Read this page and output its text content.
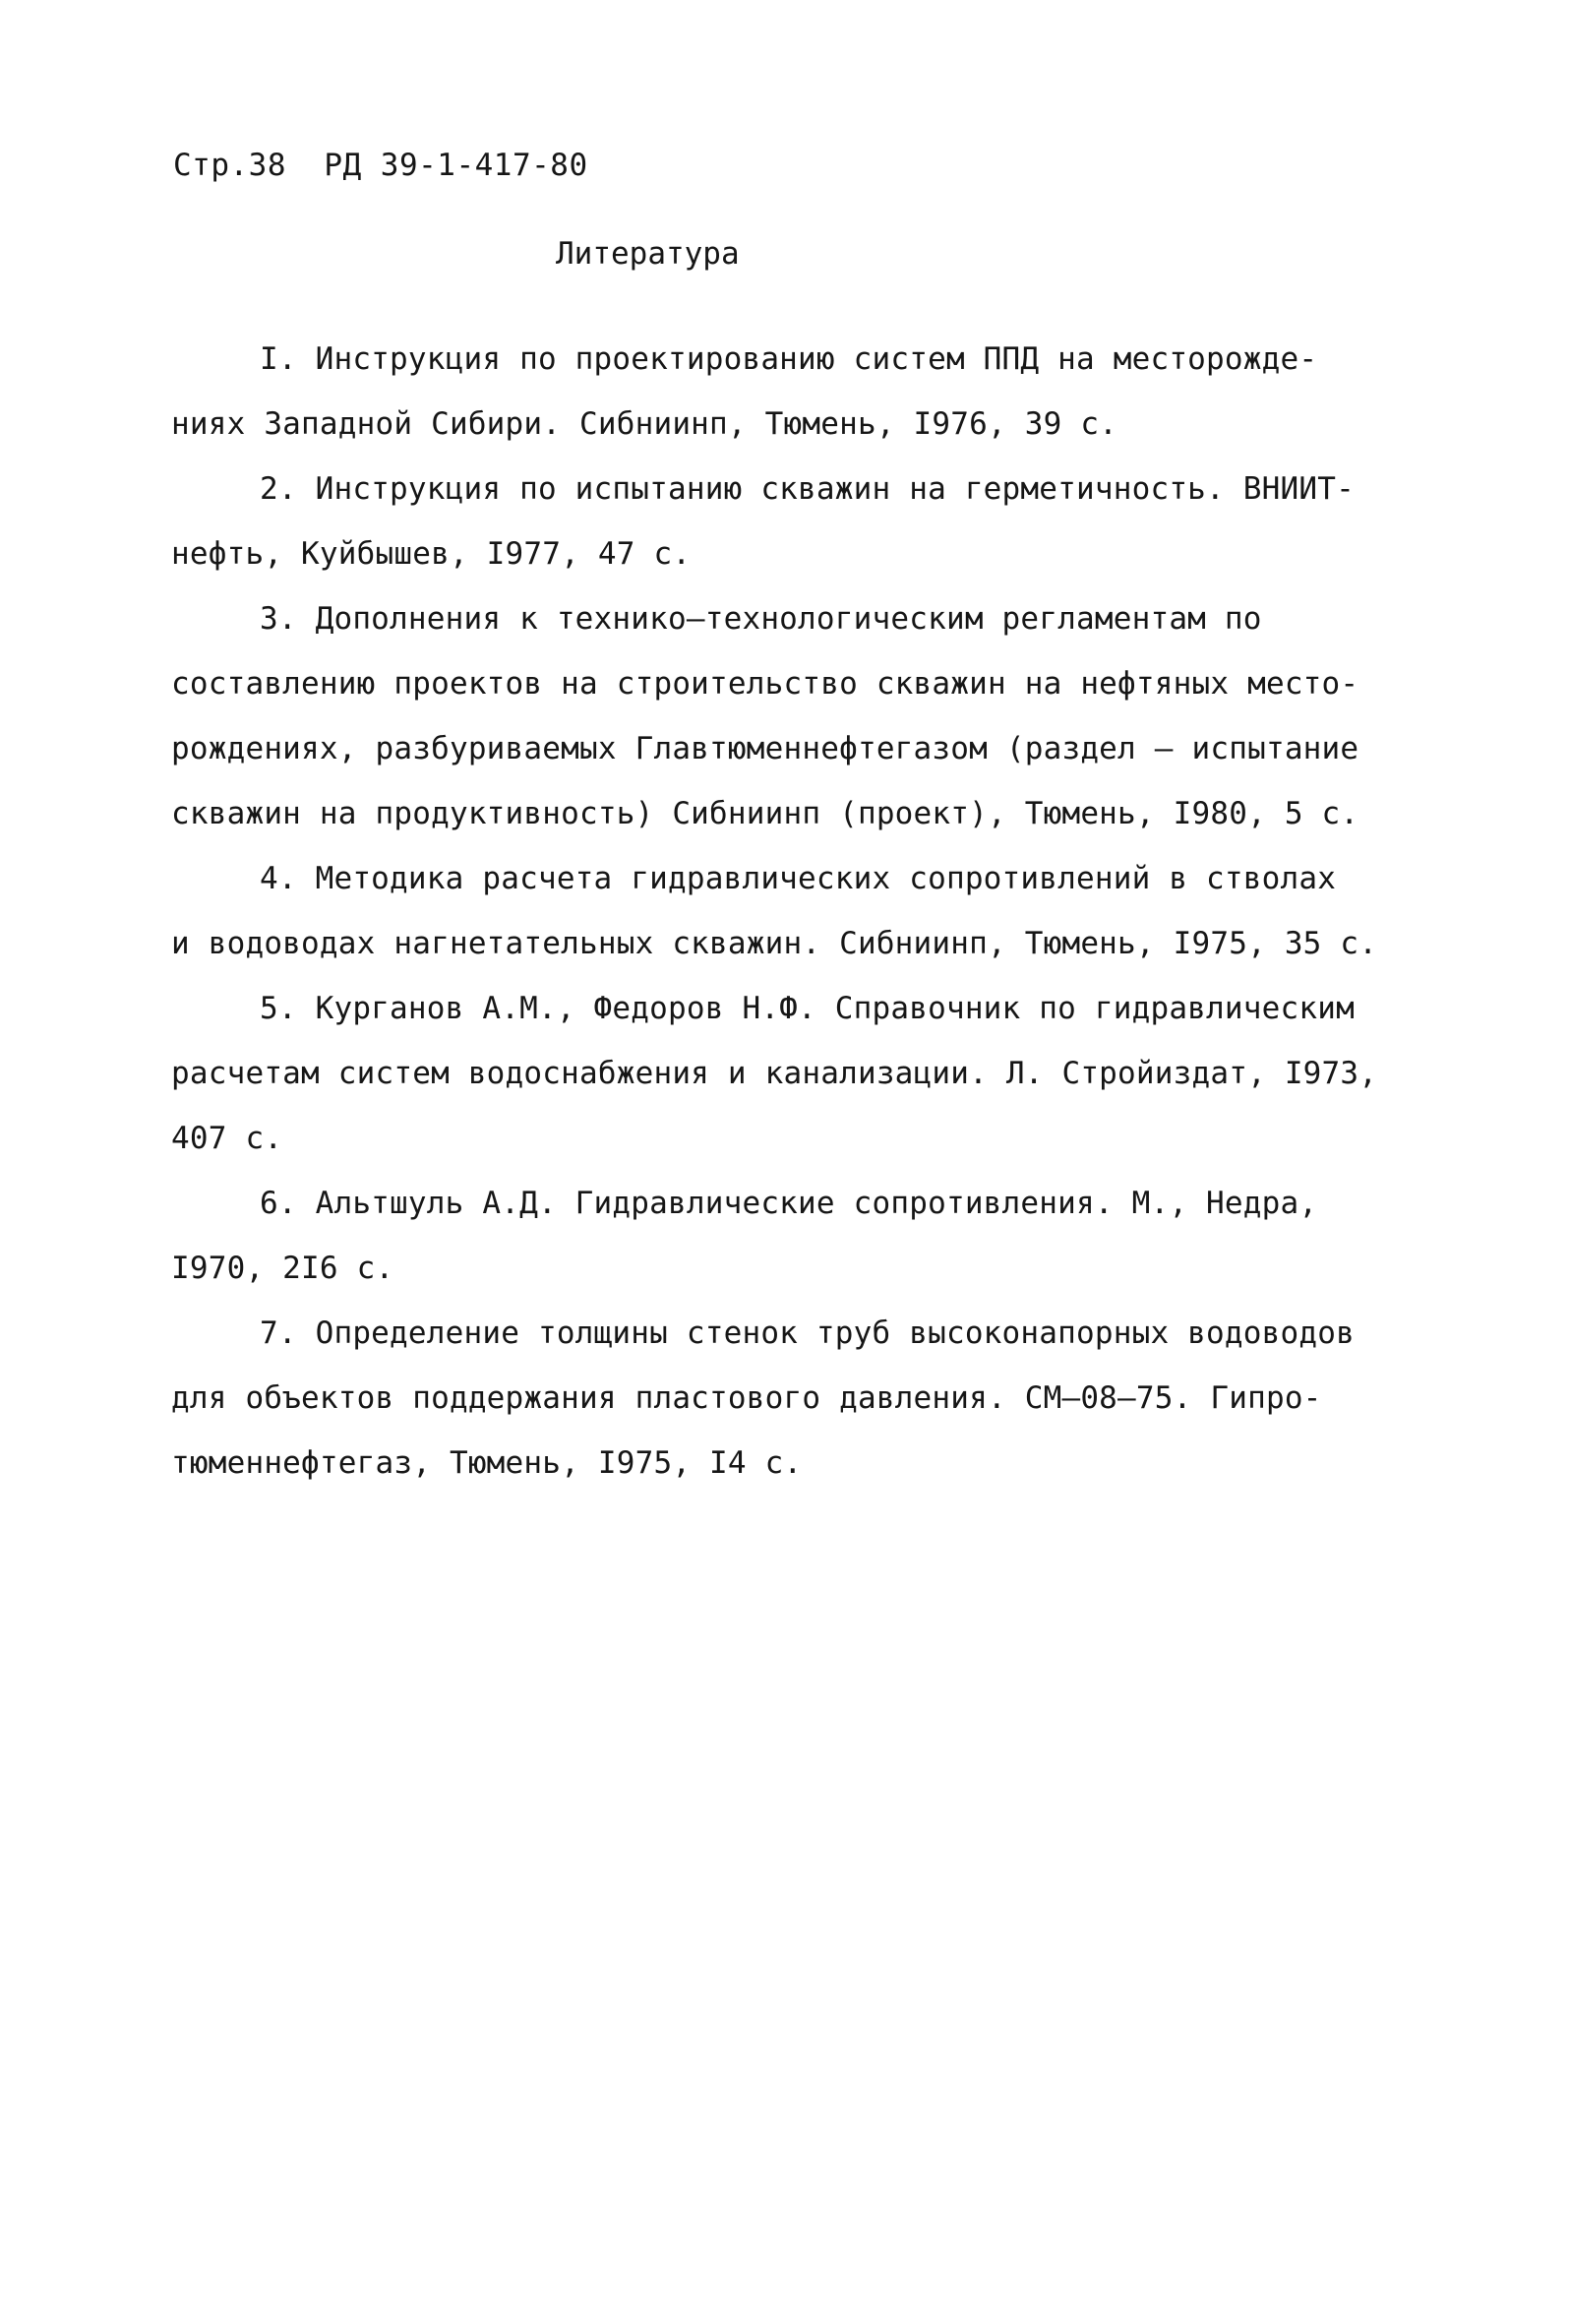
Стр.38 РД 39-1-417-80
Литература
I. Инструкция по проектированию систем ППД на месторожде-
ниях Западной Сибири. Сибниинп, Тюмень, I976, 39 с.
2. Инструкция по испытанию скважин на герметичность. ВНИИТ-
нефть, Куйбышев, I977, 47 с.
3. Дополнения к технико–технологическим регламентам по
составлению проектов на строительство скважин на нефтяных место-
рождениях, разбуриваемых Главтюменнефтегазом (раздел – испытание
скважин на продуктивность) Сибниинп (проект), Тюмень, I980, 5 с.
4. Методика расчета гидравлических сопротивлений в стволах
и водоводах нагнетательных скважин. Сибниинп, Тюмень, I975, 35 с.
5. Курганов А.М., Федоров Н.Ф. Справочник по гидравлическим
расчетам систем водоснабжения и канализации. Л. Стройиздат, I973,
407 с.
6. Альтшуль А.Д. Гидравлические сопротивления. М., Недра,
I970, 2I6 с.
7. Определение толщины стенок труб высоконапорных водоводов
для объектов поддержания пластового давления. СМ–08–75. Гипро-
тюменнефтегаз, Тюмень, I975, I4 с.
